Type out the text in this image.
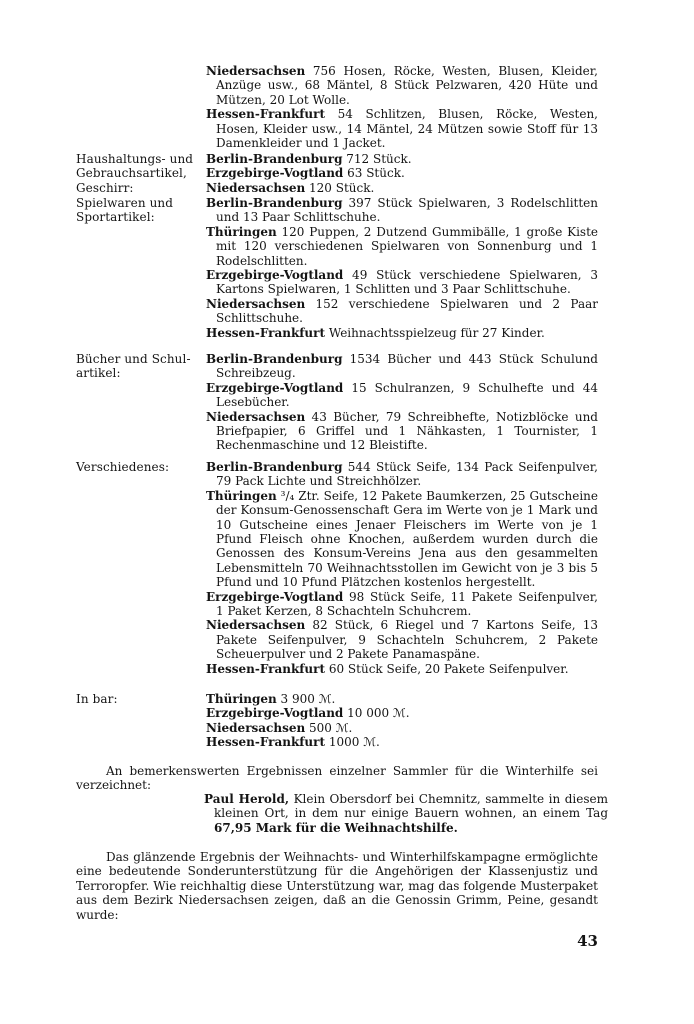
Niedersachsen 756 Hosen, Röcke, Westen, Blusen, Kleider, Anzüge usw., 68 Mäntel, 8 Stück Pelzwaren, 420 Hüte und Mützen, 20 Lot Wolle.
Hessen-Frankfurt 54 Schlitzen, Blusen, Röcke, Westen, Hosen, Kleider usw., 14 Mäntel, 24 Mützen sowie Stoff für 13 Damenkleider und 1 Jacket.
Haushaltungs- und
Gebrauchsartikel,
Geschirr:
Berlin-Brandenburg 712 Stück.
Erzgebirge-Vogtland 63 Stück.
Niedersachsen 120 Stück.
Spielwaren und
Sportartikel:
Berlin-Brandenburg 397 Stück Spielwaren, 3 Rodelschlitten und 13 Paar Schlittschuhe.
Thüringen 120 Puppen, 2 Dutzend Gummibälle, 1 große Kiste mit 120 verschiedenen Spielwaren von Sonnenburg und 1 Rodelschlitten.
Erzgebirge-Vogtland 49 Stück verschiedene Spielwaren, 3 Kartons Spielwaren, 1 Schlitten und 3 Paar Schlittschuhe.
Niedersachsen 152 verschiedene Spielwaren und 2 Paar Schlittschuhe.
Hessen-Frankfurt Weihnachtsspielzeug für 27 Kinder.
Bücher und Schul-
artikel:
Berlin-Brandenburg 1534 Bücher und 443 Stück Schulund Schreibzeug.
Erzgebirge-Vogtland 15 Schulranzen, 9 Schulhefte und 44 Lesebücher.
Niedersachsen 43 Bücher, 79 Schreibhefte, Notizblöcke und Briefpapier, 6 Griffel und 1 Nähkasten, 1 Tournister, 1 Rechenmaschine und 12 Bleistifte.
Verschiedenes:	Berlin-Brandenburg 544 Stück Seife, 134 Pack Seifenpulver, 79 Pack Lichte und Streichhölzer.
Thüringen ³/₄ Ztr. Seife, 12 Pakete Baumkerzen, 25 Gutscheine der Konsum-Genossenschaft Gera im Werte von je 1 Mark und 10 Gutscheine eines Jenaer Fleischers im Werte von je 1 Pfund Fleisch ohne Knochen, außerdem wurden durch die Genossen des Konsum-Vereins Jena aus den gesammelten Lebensmitteln 70 Weihnachtsstollen im Gewicht von je 3 bis 5 Pfund und 10 Pfund Plätzchen kostenlos hergestellt.
Erzgebirge-Vogtland 98 Stück Seife, 11 Pakete Seifenpulver, 1 Paket Kerzen, 8 Schachteln Schuhcrem.
Niedersachsen 82 Stück, 6 Riegel und 7 Kartons Seife, 13 Pakete Seifenpulver, 9 Schachteln Schuhcrem, 2 Pakete Scheuerpulver und 2 Pakete Panamaspäne.
Hessen-Frankfurt 60 Stück Seife, 20 Pakete Seifenpulver.
In bar:	Thüringen 3 900 ℳ.
Erzgebirge-Vogtland 10 000 ℳ.
Niedersachsen 500 ℳ.
Hessen-Frankfurt 1000 ℳ.
An bemerkenswerten Ergebnissen einzelner Sammler für die Winterhilfe sei verzeichnet:
Paul Herold, Klein Obersdorf bei Chemnitz, sammelte in diesem kleinen Ort, in dem nur einige Bauern wohnen, an einem Tag 67,95 Mark für die Weihnachtshilfe.
Das glänzende Ergebnis der Weihnachts- und Winterhilfskampagne ermöglichte eine bedeutende Sonderunterstützung für die Angehörigen der Klassenjustiz und Terroropfer. Wie reichhaltig diese Unterstützung war, mag das folgende Musterpaket aus dem Bezirk Niedersachsen zeigen, daß an die Genossin Grimm, Peine, gesandt wurde:
43
